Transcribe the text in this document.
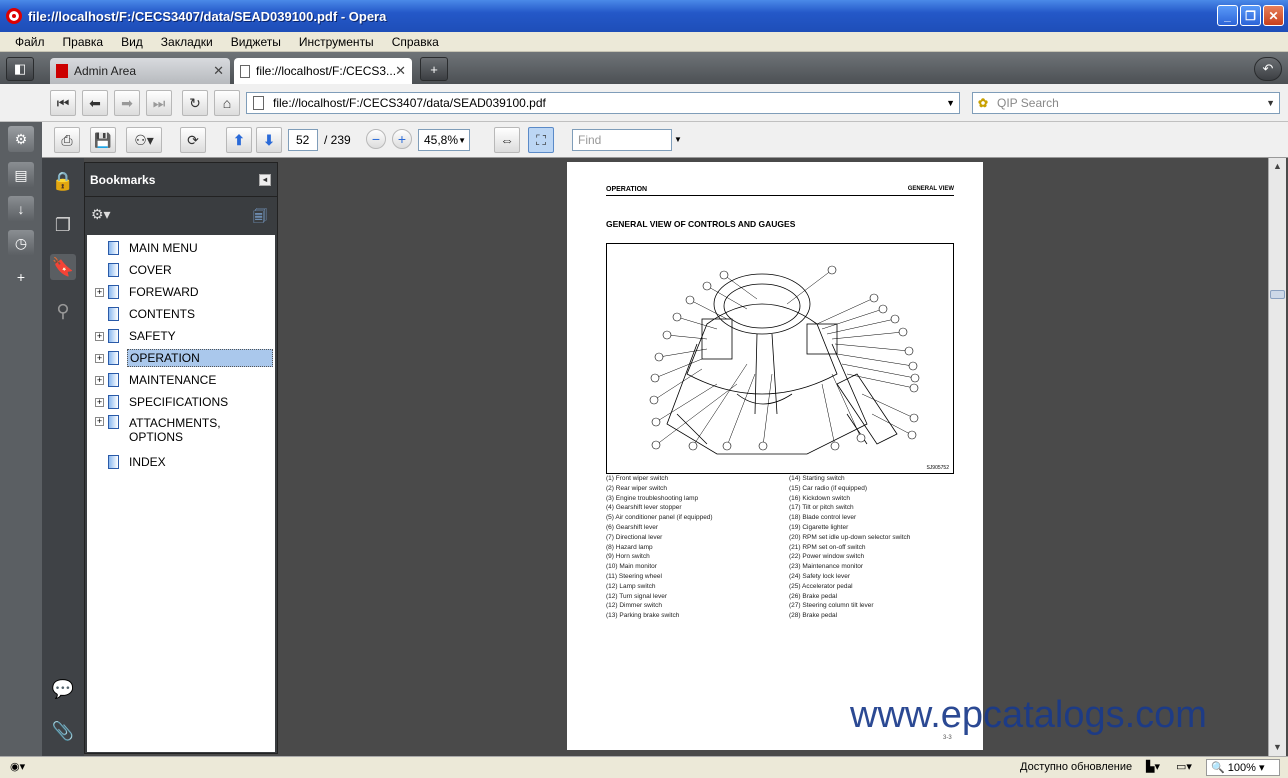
file://localhost/F:/CECS3407/data/SEAD039100.pdf - Opera	_	❐	✕
Файл Правка Вид Закладки Виджеты Инструменты Справка
◧	Admin Area	✕	file://localhost/F:/CECS3... ✕	+	↶
⚙
▤
↓
◷
+
⏮	⬅	➡	⏭	↻	⌂	file://localhost/F:/CECS3407/data/SEAD039100.pdf	▼ ✿ QIP Search	▼
⎙	💾	⚇▾	⟳	⬆	⬇	52 / 239	−	+	45,8% ▼	⇔	⛶	Find	▼
🔒
❐
🔖
⚲
💬
📎
Bookmarks	◂
⚙▾	🗐
MAIN MENU
COVER
+ FOREWARD
CONTENTS
+ SAFETY
+ OPERATION
+ MAINTENANCE
+ SPECIFICATIONS
+ ATTACHMENTS,
OPTIONS
INDEX
▲
▼
OPERATION	GENERAL VIEW
GENERAL VIEW OF CONTROLS AND GAUGES
SJ905752
3-3
(1) Front wiper switch
(2) Rear wiper switch
(3) Engine troubleshooting lamp
(4) Gearshift lever stopper
(5) Air conditioner panel (if equipped)
(6) Gearshift lever
(7) Directional lever
(8) Hazard lamp
(9) Horn switch
(10) Main monitor
(11) Steering wheel
(12) Lamp switch
(12) Turn signal lever
(12) Dimmer switch
(13) Parking brake switch
(14) Starting switch
(15) Car radio (if equipped)
(16) Kickdown switch
(17) Tilt or pitch switch
(18) Blade control lever
(19) Cigarette lighter
(20) RPM set idle up-down selector switch
(21) RPM set on-off switch
(22) Power window switch
(23) Maintenance monitor
(24) Safety lock lever
(25) Accelerator pedal
(26) Brake pedal
(27) Steering column tilt lever
(28) Brake pedal
www.epcatalogs.com
◉▾	Доступно обновление ▙▾ ▭▾	🔍 100% ▾
